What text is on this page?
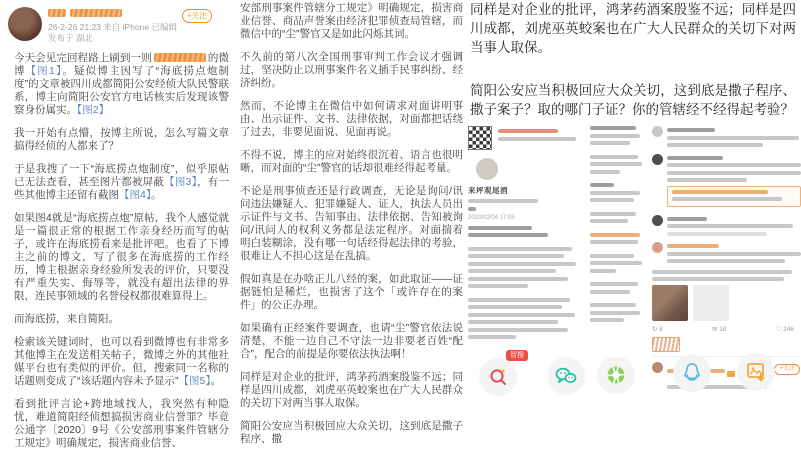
26-2-26 21:23 来自 iPhone 已编辑
发布于 湖北
+关注

今天会见完回程路上刷到一则	的微博【图1】。疑似博主因写了“海底捞点炮制度”的文章被四川成都简阳公安经侦大队民警联系，博主向简阳公安官方电话核实后发现该警察身份属实。【图2】

我一开始有点懵，按博主所说，怎么写篇文章搞得经侦的人都来了？

于是我搜了一下“海底捞点炮制度”，似乎原帖已无法查看，甚至图片都被屏蔽【图3】，有一些其他博主还留有截图【图4】。

如果图4就是“海底捞点炮”原帖，我个人感觉就是一篇很正常的根据工作亲身经历而写的帖子，或许在海底捞看来是批评吧。也看了下博主之前的博文，写了很多在海底捞的工作经历，博主根据亲身经验所发表的评价，只要没有严重失实、侮辱等，就没有超出法律的界限，连民事领域的名誉侵权都很难算得上。

而海底捞，来自简阳。

检索该关键词时，也可以看到微博也有非常多其他博主在发送相关帖子，微博之外的其他社媒平台也有类似的评价。但，搜索同一名称的话题则变成了“该话题内容未予显示”【图5】。

看到批评言论+跨地域找人，我突然有种隐忧，难道简阳经侦想搞损害商业信誉罪？毕竟公通字〔2020〕9号《公安部刑事案件管辖分工规定》明确规定，损害商业信誉、

安部刑事案件管辖分工规定》明确规定，损害商业信誉、商品声誉案由经济犯罪侦查局管辖，而微信中的“尘”警官又是如此闪烁其词。

不久前的第八次全国刑事审判工作会议才强调过，坚决防止以刑事案件名义插手民事纠纷、经济纠纷。

然而，不论博主在微信中如何请求对面讲明事由、出示证件、文书、法律依据，对面都把话绕了过去，非要见面说、见面再说。

不得不说，博主的应对始终很沉着、语言也很明晰，而对面的“尘”警官的话却很难经得起考量。

不论是刑事侦查还是行政调查，无论是询问/讯问违法嫌疑人、犯罪嫌疑人、证人，执法人员出示证件与文书、告知事由、法律依据、告知被询问/讯问人的权利义务都是法定程序。对面揣着明白装糊涂，没有哪一句话经得起法律的考验，很难让人不担心这是在乱搞。

假如真是在办啥正儿八经的案，如此取证——证据链怕是稀烂，也损害了这个「或许存在的案件」的公正办理。

如果确有正经案件要调查，也请“尘”警官依法说清楚，不能一边自己不守法一边非要老百姓“配合”，配合的前提是你要依法执法啊！

同样是对企业的批评，鸿茅药酒案殷鉴不远；同样是四川成都，刘虎巫英蛟案也在广大人民群众的关切下对两当事人取保。

简阳公安应当积极回应大众关切，这到底是撒子程序、撒

同样是对企业的批评，鸿茅药酒案殷鉴不远；同样是四川成都，刘虎巫英蛟案也在广大人民群众的关切下对两当事人取保。

简阳公安应当积极回应大众关切，这到底是撒子程序、撒子案子？取的哪门子证？你的管辖经不经得起考验？

来坪观尾酒
2020/02/04 17:05
↻ 8	✉ 18	♡ 246
+关注
智搜
